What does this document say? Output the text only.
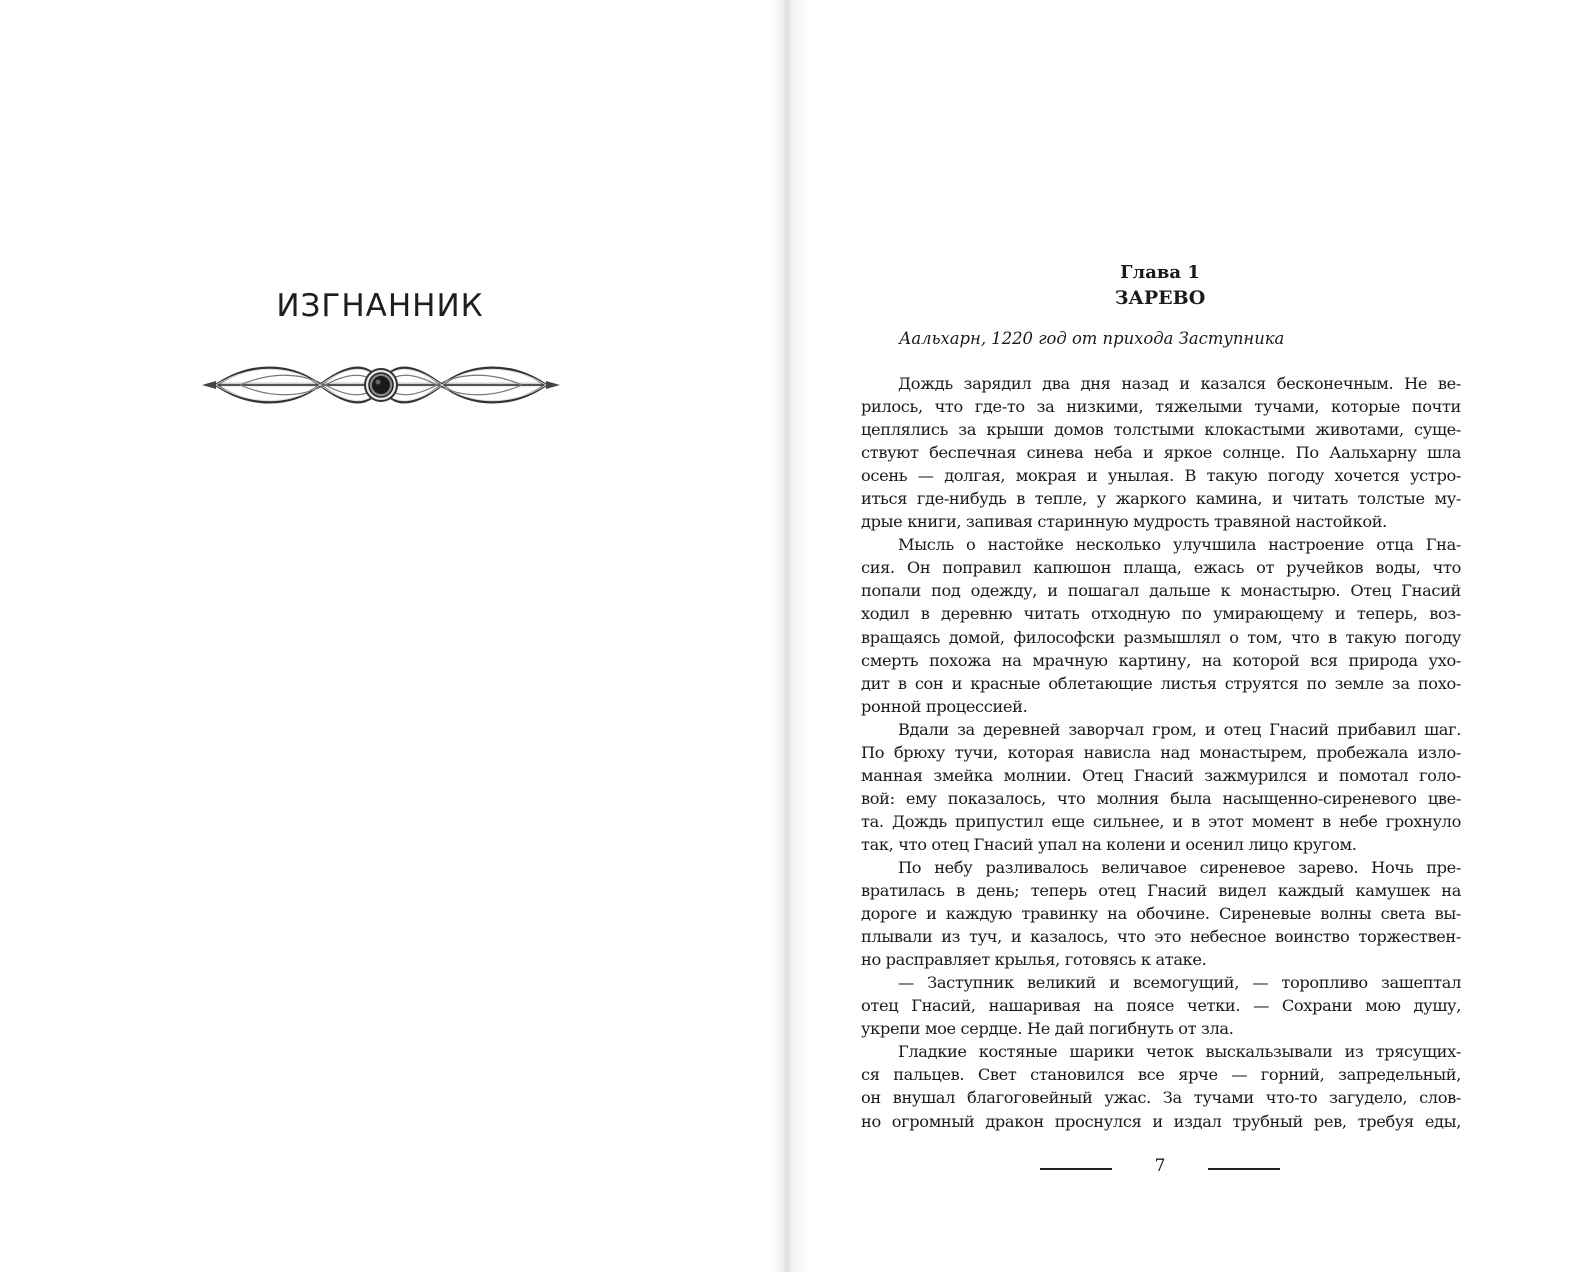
ИЗГНАННИК
Глава 1
ЗАРЕВО
Аальхарн, 1220 год от прихода Заступника
Дождь зарядил два дня назад и казался бесконечным. Не ве-
рилось, что где-то за низкими, тяжелыми тучами, которые почти
цеплялись за крыши домов толстыми клокастыми животами, суще-
ствуют беспечная синева неба и яркое солнце. По Аальхарну шла
осень — долгая, мокрая и унылая. В такую погоду хочется устро-
иться где-нибудь в тепле, у жаркого камина, и читать толстые му-
дрые книги, запивая старинную мудрость травяной настойкой.
Мысль о настойке несколько улучшила настроение отца Гна-
сия. Он поправил капюшон плаща, ежась от ручейков воды, что
попали под одежду, и пошагал дальше к монастырю. Отец Гнасий
ходил в деревню читать отходную по умирающему и теперь, воз-
вращаясь домой, философски размышлял о том, что в такую погоду
смерть похожа на мрачную картину, на которой вся природа ухо-
дит в сон и красные облетающие листья струятся по земле за похо-
ронной процессией.
Вдали за деревней заворчал гром, и отец Гнасий прибавил шаг.
По брюху тучи, которая нависла над монастырем, пробежала изло-
манная змейка молнии. Отец Гнасий зажмурился и помотал голо-
вой: ему показалось, что молния была насыщенно-сиреневого цве-
та. Дождь припустил еще сильнее, и в этот момент в небе грохнуло
так, что отец Гнасий упал на колени и осенил лицо кругом.
По небу разливалось величавое сиреневое зарево. Ночь пре-
вратилась в день; теперь отец Гнасий видел каждый камушек на
дороге и каждую травинку на обочине. Сиреневые волны света вы-
плывали из туч, и казалось, что это небесное воинство торжествен-
но расправляет крылья, готовясь к атаке.
— Заступник великий и всемогущий, — торопливо зашептал
отец Гнасий, нашаривая на поясе четки. — Сохрани мою душу,
укрепи мое сердце. Не дай погибнуть от зла.
Гладкие костяные шарики четок выскальзывали из трясущих-
ся пальцев. Свет становился все ярче — горний, запредельный,
он внушал благоговейный ужас. За тучами что-то загудело, слов-
но огромный дракон проснулся и издал трубный рев, требуя еды,
7
